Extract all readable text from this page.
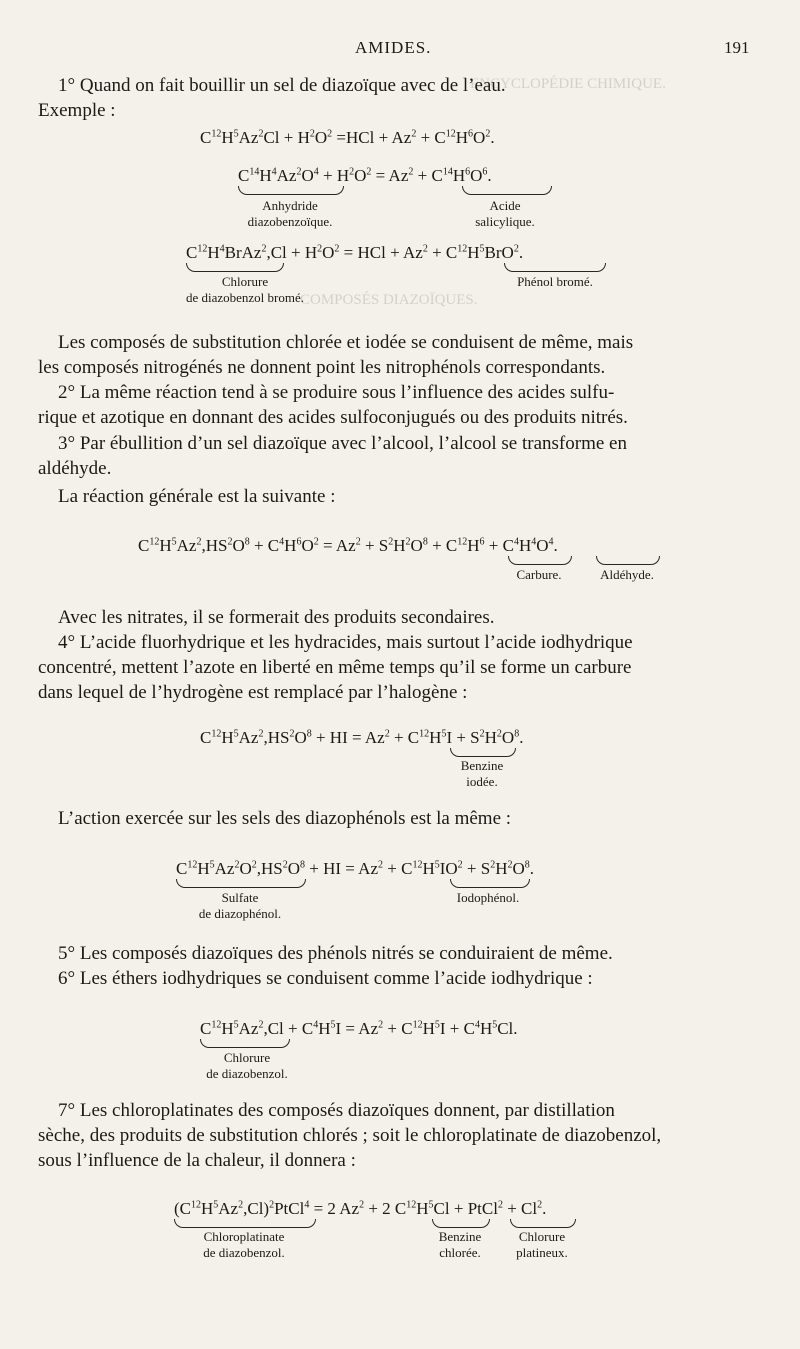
ENCYCLOPÉDIE CHIMIQUE.
COMPOSÉS DIAZOÏQUES.
AMIDES.	191
1° Quand on fait bouillir un sel de diazoïque avec de l’eau.
Exemple :
$C^{12}H^5Az^2Cl + H^2O^2 =HCl + Az^2 + C^{12}H^6O^2$.
$C^{14}H^4Az^2O^4 + H^2O^2 = Az^2 + C^{14}H^6O^6$.
Anhydride
diazobenzoïque.
Acide
salicylique.
$C^{12}H^4BrAz^2,Cl + H^2O^2$ = HCl + $Az^2 + C^{12}H^5BrO^2$.
Chlorure
de diazobenzol bromé.
Phénol bromé.
Les composés de substitution chlorée et iodée se conduisent de même, mais
les composés nitrogénés ne donnent point les nitrophénols correspondants.
2° La même réaction tend à se produire sous l’influence des acides sulfu-
rique et azotique en donnant des acides sulfoconjugués ou des produits nitrés.
3° Par ébullition d’un sel diazoïque avec l’alcool, l’alcool se transforme en
aldéhyde.
La réaction générale est la suivante :
$C^{12}H^5Az^2,HS^2O^8 + C^4H^6O^2 = Az^2 + S^2H^2O^8 + C^{12}H^6 + C^4H^4O^4$.
Carbure.	Aldéhyde.
Avec les nitrates, il se formerait des produits secondaires.
4° L’acide fluorhydrique et les hydracides, mais surtout l’acide iodhydrique
concentré, mettent l’azote en liberté en même temps qu’il se forme un carbure
dans lequel de l’hydrogène est remplacé par l’halogène :
$C^{12}H^5Az^2,HS^2O^8$ + HI = $Az^2 + C^{12}H^5I + S^2H^2O^8$.
Benzine
iodée.
L’action exercée sur les sels des diazophénols est la même :
$C^{12}H^5Az^2O^2,HS^2O^8$ + HI = $Az^2 + C^{12}H^5IO^2 + S^2H^2O^8$.
Sulfate
de diazophénol.
Iodophénol.
5° Les composés diazoïques des phénols nitrés se conduiraient de même.
6° Les éthers iodhydriques se conduisent comme l’acide iodhydrique :
$C^{12}H^5Az^2,Cl + C^4H^5I = Az^2 + C^{12}H^5I + C^4H^5Cl$.
Chlorure
de diazobenzol.
7° Les chloroplatinates des composés diazoïques donnent, par distillation
sèche, des produits de substitution chlorés ; soit le chloroplatinate de diazobenzol,
sous l’influence de la chaleur, il donnera :
$(C^{12}H^5Az^2,Cl)^2PtCl^4 = 2$ $Az^2 + 2$ $C^{12}H^5Cl$ + PtCl$^2$ + $Cl^2$.
Chloroplatinate
de diazobenzol.
Benzine
chlorée.
Chlorure
platineux.
